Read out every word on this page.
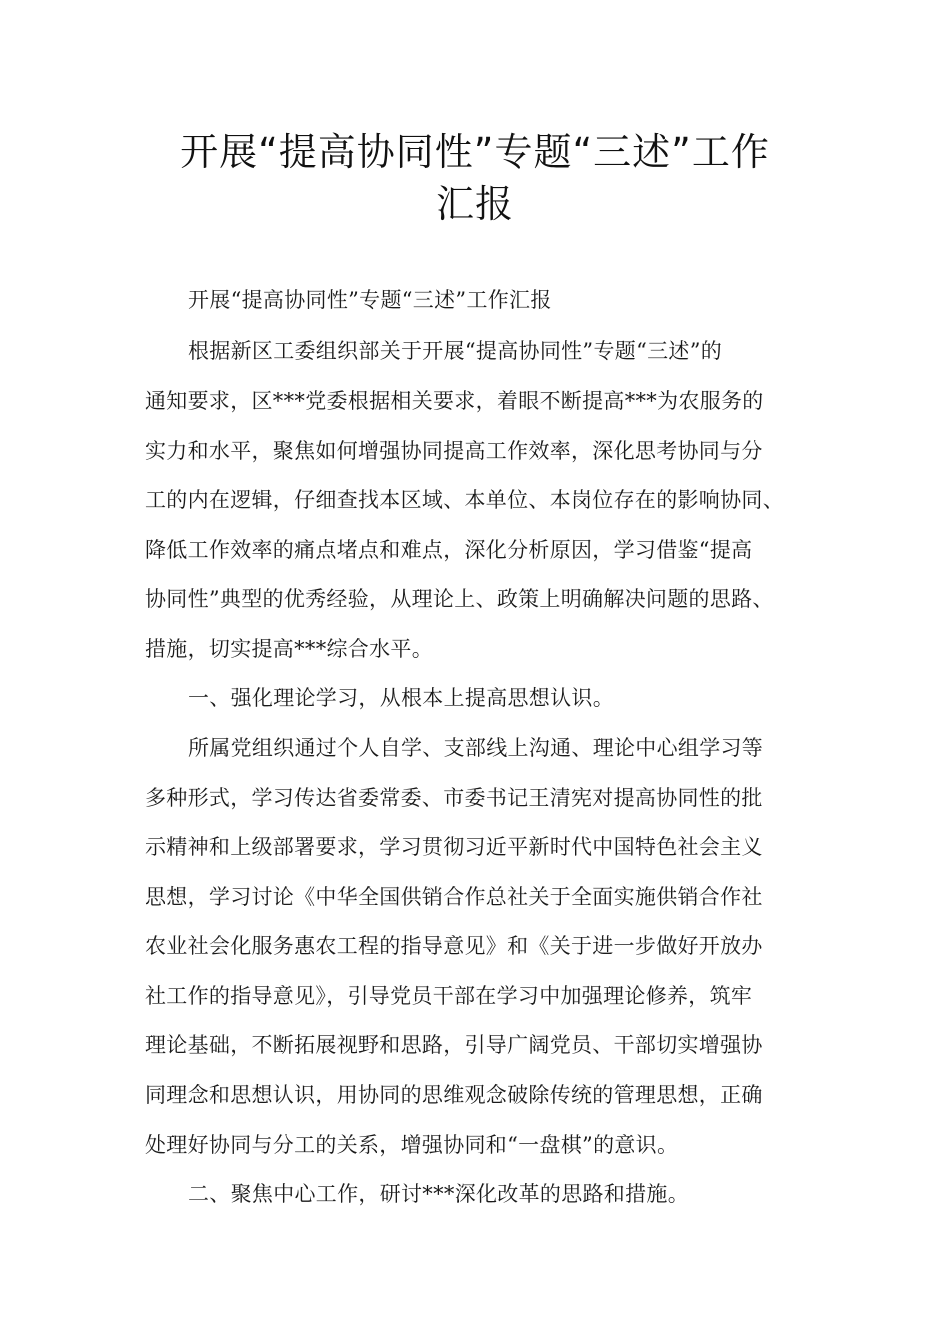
开展“提高协同性”专题“三述”工作
汇报
开展“提高协同性”专题“三述”工作汇报
根据新区工委组织部关于开展“提高协同性”专题“三述”的
通知要求，区***党委根据相关要求，着眼不断提高***为农服务的
实力和水平，聚焦如何增强协同提高工作效率，深化思考协同与分
工的内在逻辑，仔细查找本区域、本单位、本岗位存在的影响协同、
降低工作效率的痛点堵点和难点，深化分析原因，学习借鉴“提高
协同性”典型的优秀经验，从理论上、政策上明确解决问题的思路、
措施，切实提高***综合水平。
一、强化理论学习，从根本上提高思想认识。
所属党组织通过个人自学、支部线上沟通、理论中心组学习等
多种形式，学习传达省委常委、市委书记王清宪对提高协同性的批
示精神和上级部署要求，学习贯彻习近平新时代中国特色社会主义
思想，学习讨论《中华全国供销合作总社关于全面实施供销合作社
农业社会化服务惠农工程的指导意见》和《关于进一步做好开放办
社工作的指导意见》，引导党员干部在学习中加强理论修养，筑牢
理论基础，不断拓展视野和思路，引导广阔党员、干部切实增强协
同理念和思想认识，用协同的思维观念破除传统的管理思想，正确
处理好协同与分工的关系，增强协同和“一盘棋”的意识。
二、聚焦中心工作，研讨***深化改革的思路和措施。
